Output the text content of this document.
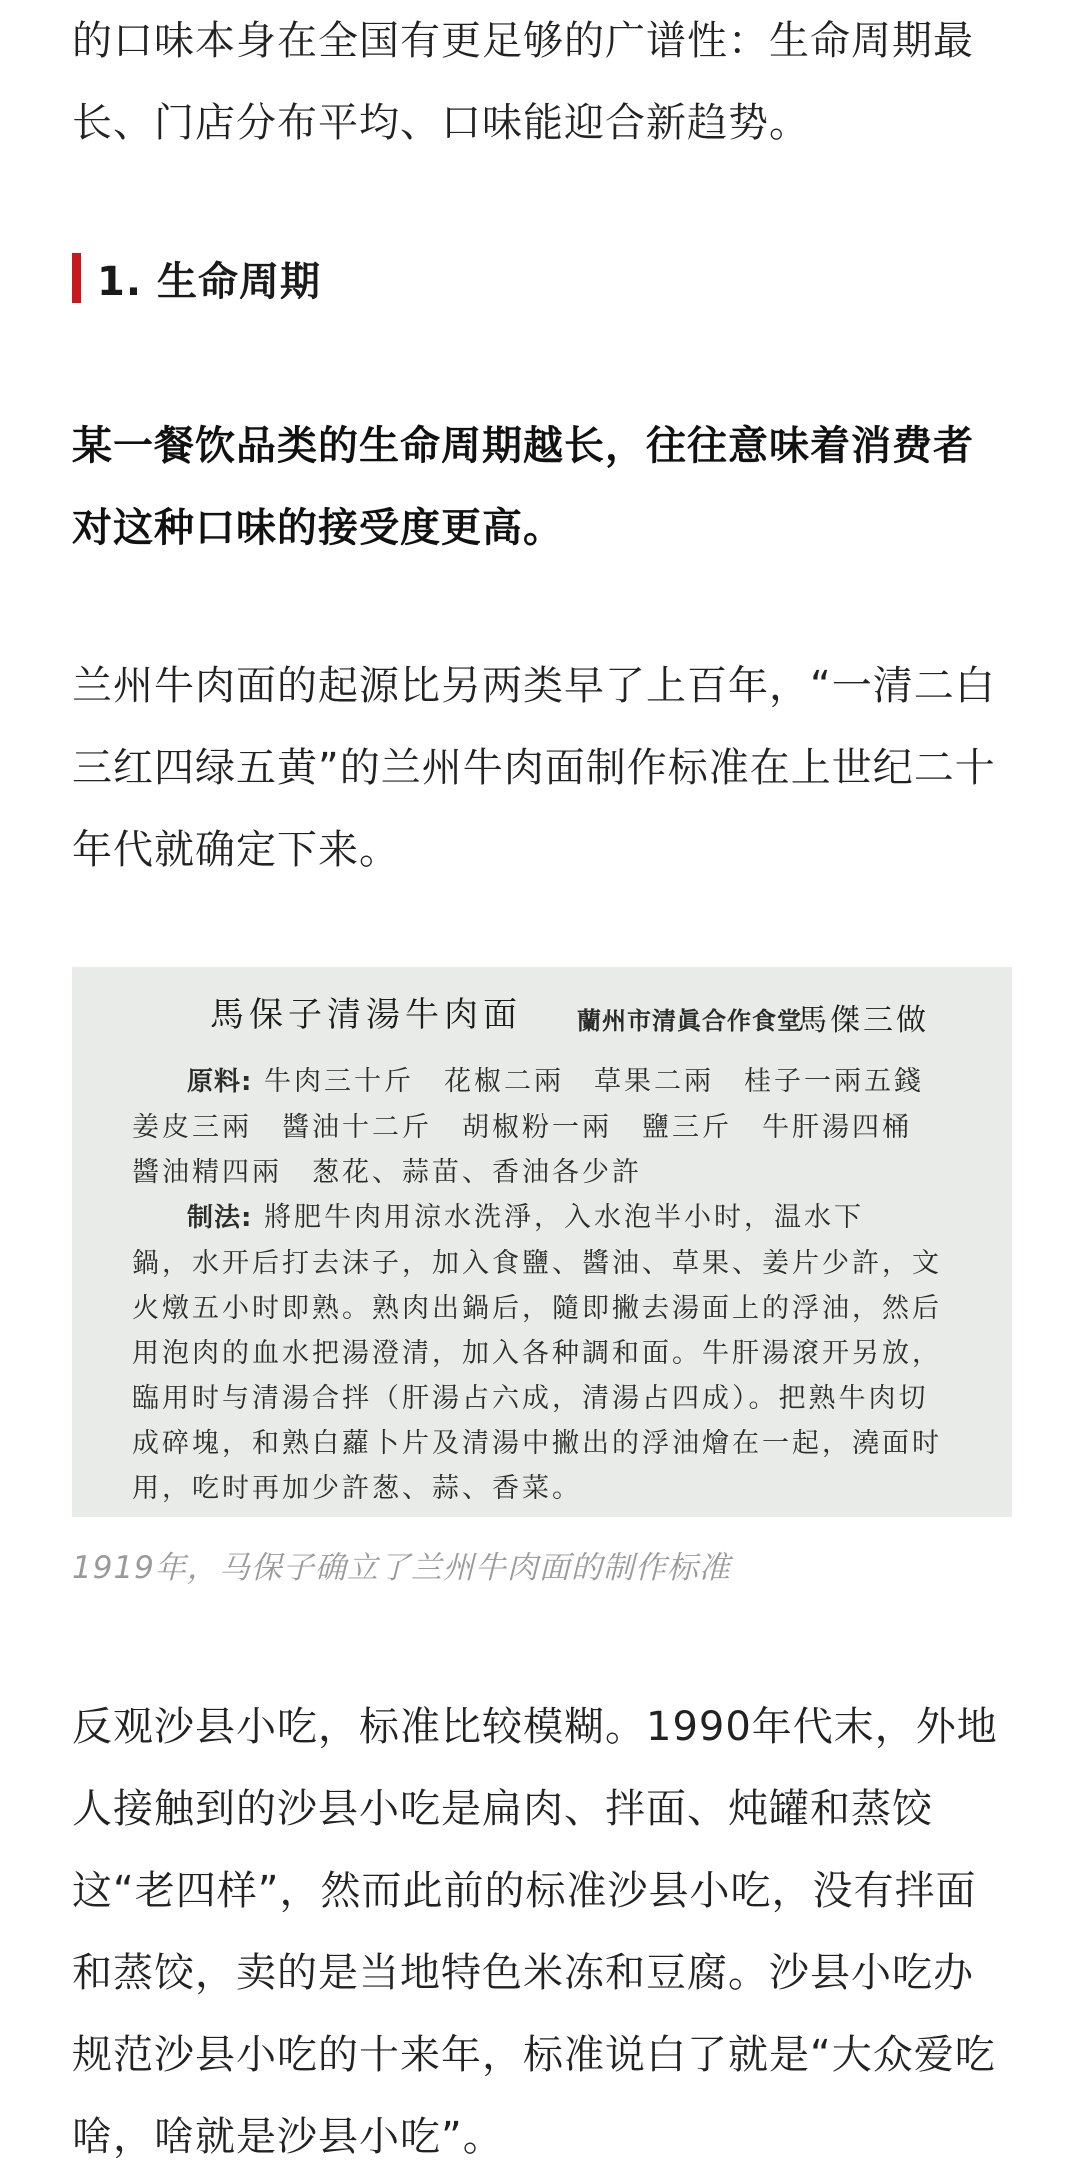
的口味本身在全国有更足够的广谱性：生命周期最长、门店分布平均、口味能迎合新趋势。

1. 生命周期

某一餐饮品类的生命周期越长，往往意味着消费者对这种口味的接受度更高。

兰州牛肉面的起源比另两类早了上百年，“一清二白三红四绿五黄”的兰州牛肉面制作标准在上世纪二十年代就确定下来。

馬保子清湯牛肉面 蘭州市清眞合作食堂
馬傑三做
原料: 牛肉三十斤　花椒二兩　草果二兩　桂子一兩五錢
姜皮三兩　醬油十二斤　胡椒粉一兩　鹽三斤　牛肝湯四桶
醬油精四兩　葱花、蒜苗、香油各少許
制法: 將肥牛肉用涼水洗淨，入水泡半小时，温水下
鍋，水开后打去沫子，加入食鹽、醬油、草果、姜片少許，文
火燉五小时即熟。熟肉出鍋后，隨即撇去湯面上的浮油，然后
用泡肉的血水把湯澄清，加入各种調和面。牛肝湯滾开另放，
臨用时与清湯合拌（肝湯占六成，清湯占四成）。把熟牛肉切
成碎塊，和熟白蘿卜片及清湯中撇出的浮油燴在一起，澆面时
用，吃时再加少許葱、蒜、香菜。
1919年，马保子确立了兰州牛肉面的制作标准

反观沙县小吃，标准比较模糊。1990年代末，外地人接触到的沙县小吃是扁肉、拌面、炖罐和蒸饺这“老四样”，然而此前的标准沙县小吃，没有拌面和蒸饺，卖的是当地特色米冻和豆腐。沙县小吃办规范沙县小吃的十来年，标准说白了就是“大众爱吃啥，啥就是沙县小吃”。
